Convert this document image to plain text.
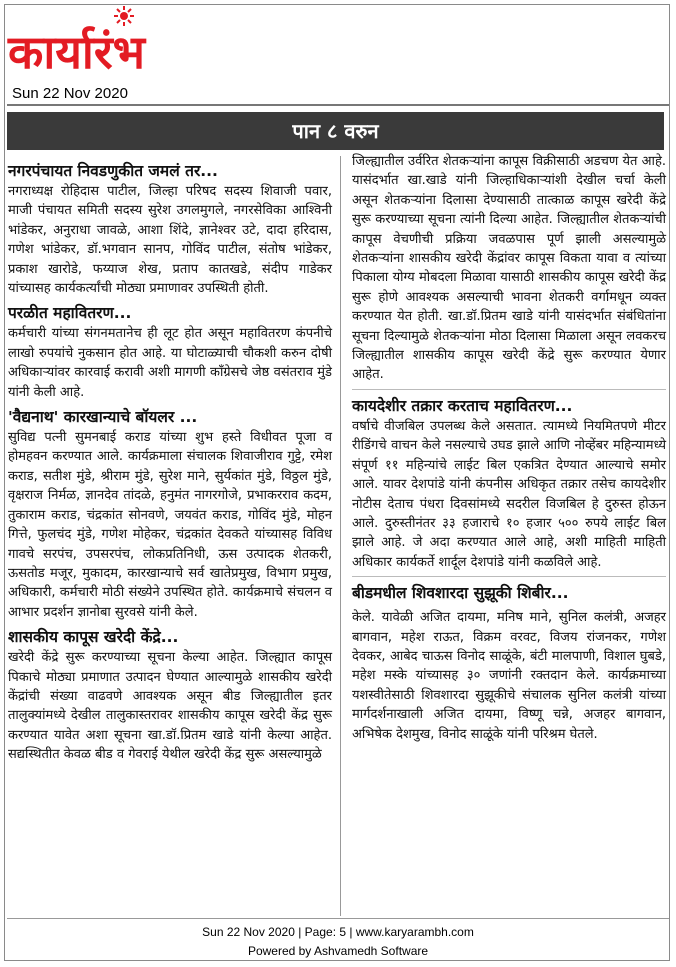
कार्यारंभ
Sun 22 Nov 2020
पान ८ वरुन
नगरपंचायत निवडणुकीत जमलं तर...

नगराध्यक्ष रोहिदास पाटील, जिल्हा परिषद सदस्य शिवाजी पवार, माजी पंचायत समिती सदस्य सुरेश उगलमुगले, नगरसेविका आश्विनी भांडेकर, अनुराधा जावळे, आशा शिंदे, ज्ञानेश्वर उटे, दादा हरिदास, गणेश भांडेकर, डॉ.भगवान सानप, गोविंद पाटील, संतोष भांडेकर, प्रकाश खारोडे, फय्याज शेख, प्रताप कातखडे, संदीप गाडेकर यांच्यासह कार्यकर्त्यांची मोठ्या प्रमाणावर उपस्थिती होती.

परळीत महावितरण...

कर्मचारी यांच्या संगनमतानेच ही लूट होत असून महावितरण कंपनीचे लाखो रुपयांचे नुकसान होत आहे. या घोटाळ्याची चौकशी करुन दोषी अधिकाऱ्यांवर कारवाई करावी अशी मागणी काँग्रेसचे जेष्ठ वसंतराव मुंडे यांनी केली आहे.

'वैद्यनाथ' कारखान्याचे बॉयलर ...

सुविद्य पत्नी सुमनबाई कराड यांच्या शुभ हस्ते विधीवत पूजा व होमहवन करण्यात आले. कार्यक्रमाला संचालक शिवाजीराव गुट्टे, रमेश कराड, सतीश मुंडे, श्रीराम मुंडे, सुरेश माने, सुर्यकांत मुंडे, विठ्ठल मुंडे, वृक्षराज निर्मळ, ज्ञानदेव तांदळे, हनुमंत नागरगोजे, प्रभाकरराव कदम, तुकाराम कराड, चंद्रकांत सोनवणे, जयवंत कराड, गोविंद मुंडे, मोहन गित्ते, फुलचंद मुंडे, गणेश मोहेकर, चंद्रकांत देवकते यांच्यासह विविध गावचे सरपंच, उपसरपंच, लोकप्रतिनिधी, ऊस उत्पादक शेतकरी, ऊसतोड मजूर, मुकादम, कारखान्याचे सर्व खातेप्रमुख, विभाग प्रमुख, अधिकारी, कर्मचारी मोठी संख्येने उपस्थित होते. कार्यक्रमाचे संचलन व आभार प्रदर्शन ज्ञानोबा सुरवसे यांनी केले.

शासकीय कापूस खरेदी केंद्रे...

खरेदी केंद्रे सुरू करण्याच्या सूचना केल्या आहेत. जिल्ह्यात कापूस पिकाचे मोठ्या प्रमाणात उत्पादन घेण्यात आल्यामुळे शासकीय खरेदी केंद्रांची संख्या वाढवणे आवश्यक असून बीड जिल्ह्यातील इतर तालुक्यांमध्ये देखील तालुकास्तरावर शासकीय कापूस खरेदी केंद्र सुरू करण्यात यावेत अशा सूचना खा.डॉ.प्रितम खाडे यांनी केल्या आहेत. सद्यस्थितीत केवळ बीड व गेवराई येथील खरेदी केंद्र सुरू असल्यामुळे

जिल्ह्यातील उर्वरित शेतकऱ्यांना कापूस विक्रीसाठी अडचण येत आहे. यासंदर्भात खा.खाडे यांनी जिल्हाधिकाऱ्यांशी देखील चर्चा केली असून शेतकऱ्यांना दिलासा देण्यासाठी तात्काळ कापूस खरेदी केंद्रे सुरू करण्याच्या सूचना त्यांनी दिल्या आहेत. जिल्ह्यातील शेतकऱ्यांची कापूस वेचणीची प्रक्रिया जवळपास पूर्ण झाली असल्यामुळे शेतकऱ्यांना शासकीय खरेदी केंद्रांवर कापूस विकता यावा व त्यांच्या पिकाला योग्य मोबदला मिळावा यासाठी शासकीय कापूस खरेदी केंद्र सुरू होणे आवश्यक असल्याची भावना शेतकरी वर्गामधून व्यक्त करण्यात येत होती. खा.डॉ.प्रितम खाडे यांनी यासंदर्भात संबंधितांना सूचना दिल्यामुळे शेतकऱ्यांना मोठा दिलासा मिळाला असून लवकरच जिल्ह्यातील शासकीय कापूस खरेदी केंद्रे सुरू करण्यात येणार आहेत.

कायदेशीर तक्रार करताच महावितरण...

वर्षाचे वीजबिल उपलब्ध केले असतात. त्यामध्ये नियमितपणे मीटर रीडिंगचे वाचन केले नसल्याचे उघड झाले आणि नोव्हेंबर महिन्यामध्ये संपूर्ण ११ महिन्यांचे लाईट बिल एकत्रित देण्यात आल्याचे समोर आले. यावर देशपांडे यांनी कंपनीस अधिकृत तक्रार तसेच कायदेशीर नोटीस देताच पंधरा दिवसांमध्ये सदरील विजबिल हे दुरुस्त होऊन आले. दुरुस्तीनंतर ३३ हजाराचे १० हजार ५०० रुपये लाईट बिल झाले आहे. जे अदा करण्यात आले आहे, अशी माहिती माहिती अधिकार कार्यकर्ते शार्दूल देशपांडे यांनी कळविले आहे.

बीडमधील शिवशारदा सुझूकी शिबीर...

केले. यावेळी अजित दायमा, मनिष माने, सुनिल कलंत्री, अजहर बागवान, महेश राऊत, विक्रम वरवट, विजय रांजनकर, गणेश देवकर, आबेद चाऊस विनोद साळूंके, बंटी मालपाणी, विशाल घुबडे, महेश मस्के यांच्यासह ३० जणांनी रक्तदान केले. कार्यक्रमाच्या यशस्वीतेसाठी शिवशारदा सुझूकीचे संचालक सुनिल कलंत्री यांच्या मार्गदर्शनाखाली अजित दायमा, विष्णू चन्ने, अजहर बागवान, अभिषेक देशमुख, विनोद साळूंके यांनी परिश्रम घेतले.

Sun 22 Nov 2020 | Page: 5 | www.karyarambh.com
Powered by Ashvamedh Software
